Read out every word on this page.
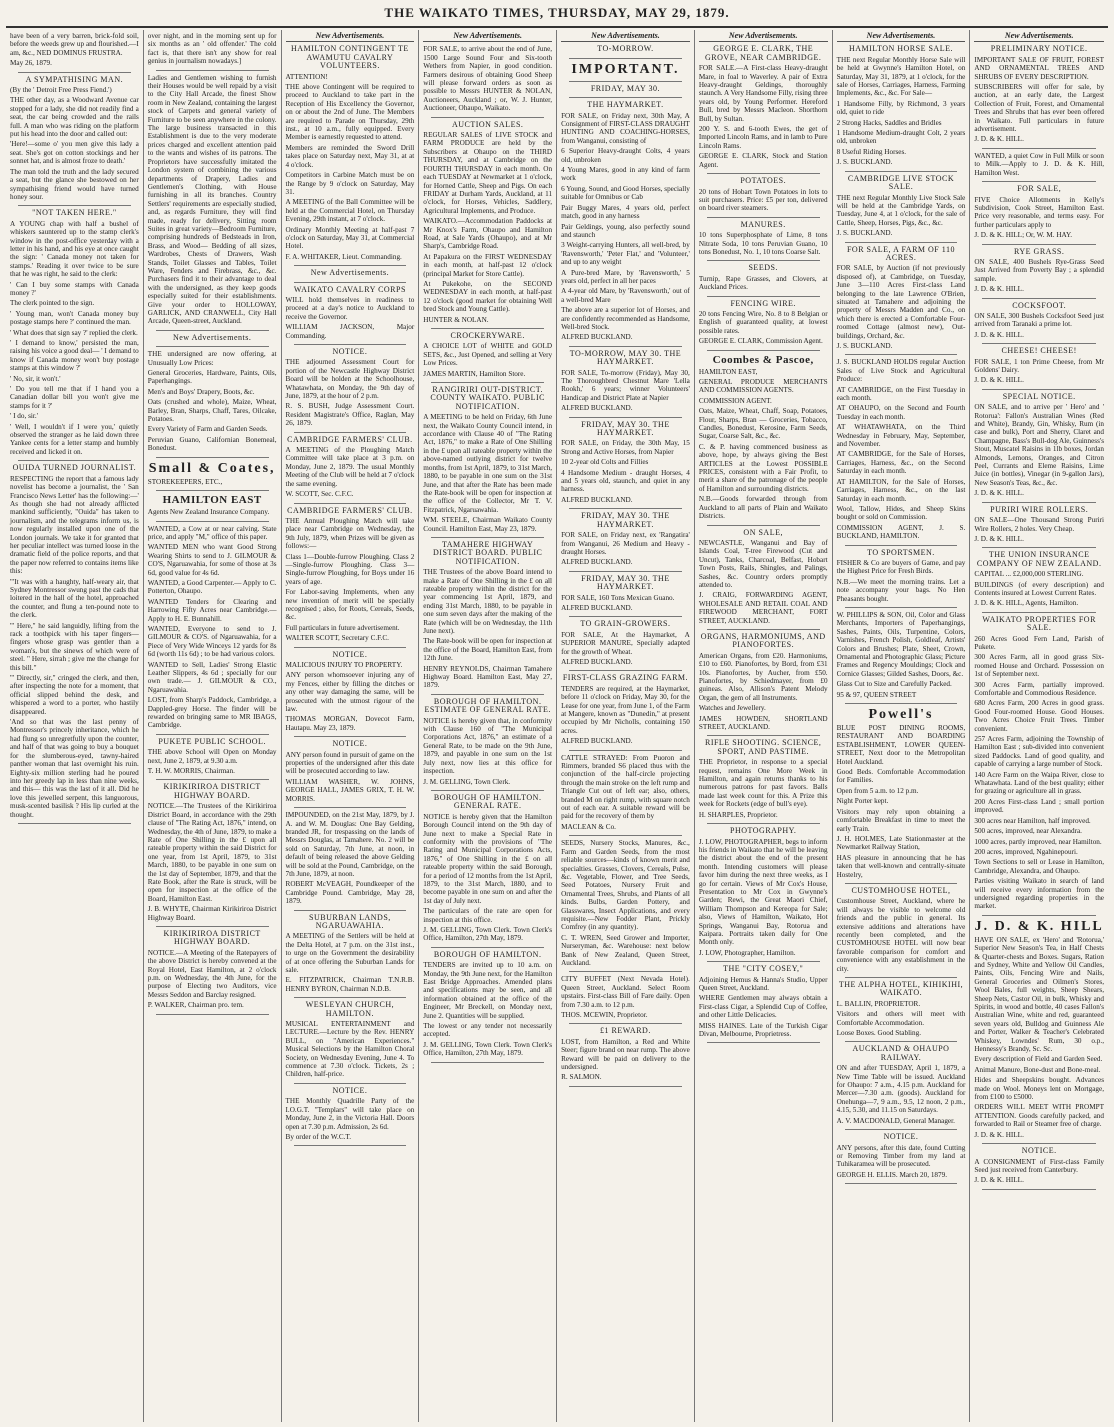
THE WAIKATO TIMES, THURSDAY, MAY 29, 1879.

have been of a very barren, brick-fold soil, before the weeds grew up and flourished.—I am, &c., NED DOMINUS FRUSTRA.

May 26, 1879.

A SYMPATHISING MAN.

(By the ' Detroit Free Press Fiend.')

THE other day, as a Woodward Avenue car stopped for a lady, she did not readily find a seat, the car being crowded and the rails full. A man who was riding on the platform put his head into the door and called out:

'Here!—some o' you men give this lady a seat. She's got on cotton stockings and her sonnet hat, and is almost froze to death.'

The man told the truth and the lady secured a seat, but the glance she bestowed on her sympathising friend would have turned honey sour.

"NOT TAKEN HERE."

A YOUNG chap with half a bushel of whiskers sauntered up to the stamp clerk's window in the post-office yesterday with a letter in his hand, and his eye at once caught the sign: ' Canada money not taken for stamps.' Reading it over twice to be sure that he was right, he said to the clerk:

' Can I buy some stamps with Canada money ?'

The clerk pointed to the sign.

' Young man, won't Canada money buy postage stamps here ?' continued the man.

' What does that sign say ?' replied the clerk.

' I demand to know,' persisted the man, raising his voice a good deal— ' I demand to know if Canada money won't buy postage stamps at this window ?'

' No, sir, it won't.'

' Do you tell me that if I hand you a Canadian dollar bill you won't give me stamps for it ?'

' I do, sir.'

' Well, I wouldn't if I were you,' quietly observed the stranger as he laid down three Yankee cents for a letter stamp and humbly received and licked it on.

OUIDA TURNED JOURNALIST.

RESPECTING the report that a famous lady novelist has become a journalist, the ' San Francisco News Letter' has the following:—' As though she had not already afflicted mankind sufficiently, "Ouida" has taken to journalism, and the telegrams inform us, is now regularly installed upon one of the London journals. We take it for granted that her peculiar intellect was turned loose in the dramatic field of the police reports, and that the paper now referred to contains items like this:

'"It was with a haughty, half-weary air, that Sydney Montressor swung past the cads that loitered in the hall of the hotel, approached the counter, and flung a ten-pound note to the clerk.

'" Here," he said languidly, lifting from the rack a toothpick with his taper fingers—fingers whose grasp was gentler than a woman's, but the sinews of which were of steel. " Here, sirrah ; give me the change for this bill."

'" Directly, sir," cringed the clerk, and then, after inspecting the note for a moment, that official slipped behind the desk, and whispered a word to a porter, who hastily disappeared.

'And so that was the last penny of Montressor's princely inheritance, which he had flung so unregretfully upon the counter, and half of that was going to buy a bouquet for the slumberous-eyed, tawny-haired panther woman that last overnight his ruin. Eighty-six million sterling had he poured into her greedy lap in less than nine weeks, and this— this was the last of it all. Did he love this jewelled serpent, this languorous, musk-scented basilisk ? His lip curled at the thought.

over night, and in the morning sent up for six months as an ' old offender.' The cold fact is, that there isn't any show for real genius in journalism nowadays.]

Ladies and Gentlemen wishing to furnish their Houses would be well repaid by a visit to the City Hall Arcade, the finest Show room in New Zealand, containing the largest stock of Carpets and general variety of Furniture to be seen anywhere in the colony. The large business transacted in this Establishment is due to the very moderate prices charged and excellent attention paid to the wants and wishes of its patrons. The Proprietors have successfully imitated the London system of combining the various departments of Drapery, Ladies and Gentlemen's Clothing, with House furnishing in all its branches. Country Settlers' requirements are especially studied, and, as regards Furniture, they will find made, ready for delivery, Sitting room Suites in great variety—Bedroom Furniture, comprising hundreds of Bedsteads in Iron, Brass, and Wood— Bedding of all sizes, Wardrobes, Chests of Drawers, Wash Stands, Toilet Glasses and Tables, Toilet Ware, Fenders and Firebrass, &c., &c. Purchasers find it to their advantage to deal with the undersigned, as they keep goods especially suited for their establishments. Give your order to HOLLOWAY, GARLICK, AND CRANWELL, City Hall Arcade, Queen-street, Auckland.

New Advertisements.

THE undersigned are now offering, at Unusually Low Prices:

General Groceries, Hardware, Paints, Oils, Paperhangings.

Men's and Boys' Drapery, Boots, &c.

Oats (crushed and whole), Maize, Wheat, Barley, Bran, Sharps, Chaff, Tares, Oilcake, Potatoes.

Every Variety of Farm and Garden Seeds.

Peruvian Guano, Californian Bonemeal, Bonedust.

Small & Coates,

STOREKEEPERS, ETC.,

HAMILTON EAST

Agents New Zealand Insurance Company.

WANTED, a Cow at or near calving. State price, and apply "M," office of this paper.

WANTED MEN who want Good Strong Wearing Shirts to send to J. GILMOUR & CO'S, Ngaruawahia, for some of those at 3s 6d, good value for 4s 6d.

WANTED, a Good Carpenter.— Apply to C. Potterton, Ohaupo.

WANTED Tenders for Clearing and Harrowing Fifty Acres near Cambridge.—Apply to H. E. Bunnahill.

WANTED, Everyone to send to J. GILMOUR & CO'S. of Ngaruawahia, for a Piece of Very Wide Winceys 12 yards for 8s 6d (worth 11s 6d) ; to be had various colors.

WANTED to Sell, Ladies' Strong Elastic Leather Slippers, 4s 6d ; specially for our own trade.— J. GILMOUR & CO., Ngaruawahia.

LOST, from Sharp's Paddock, Cambridge, a Dappled-grey Horse. The finder will be rewarded on bringing same to MR IBAGS, Cambridge.

PUKETE PUBLIC SCHOOL.

THE above School will Open on Monday next, June 2, 1879, at 9.30 a.m.

T. H. W. MORRIS, Chairman.

KIRIKIRIROA DISTRICT HIGHWAY BOARD.

NOTICE.—The Trustees of the Kirikiriroa District Board, in accordance with the 29th clause of "The Rating Act, 1876," intend, on Wednesday, the 4th of June, 1879, to make a Rate of One Shilling in the £ upon all rateable property within the said District for one year, from 1st April, 1879, to 31st March, 1880, to be payable in one sum on the 1st day of September, 1879, and that the Rate Book, after the Rate is struck, will be open for inspection at the office of the Board, Hamilton East.

J. B. WHYTE, Chairman Kirikiriroa District Highway Board.

KIRIKIRIROA DISTRICT HIGHWAY BOARD.

NOTICE.—A Meeting of the Ratepayers of the above District is hereby convened at the Royal Hotel, East Hamilton, at 2 o'clock p.m. on Wednesday, the 4th June, for the purpose of Electing two Auditors, vice Messrs Seddon and Barclay resigned.

P. WALKER, Chairman pro. tem.

New Advertisements.
HAMILTON CONTINGENT TE AWAMUTU CAVALRY VOLUNTEERS.

ATTENTION!

THE above Contingent will be required to proceed to Auckland to take part in the Reception of His Excellency the Governor, on or about the 2nd of June. The Members are required to Parade on Thursday, 29th inst., at 10 a.m., fully equipped. Every Member is earnestly requested to attend.

Members are reminded the Sword Drill takes place on Saturday next, May 31, at at 4 o'clock.

Competitors in Carbine Match must be on the Range by 9 o'clock on Saturday, May 31.

A MEETING of the Ball Committee will be held at the Commercial Hotel, on Thursday Evening, 29th instant, at 7 o'clock.

Ordinary Monthly Meeting at half-past 7 o'clock on Saturday, May 31, at Commercial Hotel.

F. A. WHITAKER, Lieut. Commanding.

New Advertisements.
WAIKATO CAVALRY CORPS

WILL hold themselves in readiness to proceed at a day's notice to Auckland to receive the Governor.

WILLIAM JACKSON, Major Commanding.

NOTICE.

THE adjourned Assessment Court for portion of the Newcastle Highway District Board will be holden at the Schoolhouse, Whatawhata, on Monday, the 9th day of June, 1879, at the hour of 2 p.m.

R. S. BUSH, Judge Assessment Court. Resident Magistrate's Office, Raglan, May 26, 1879.

CAMBRIDGE FARMERS' CLUB.

A MEETING of the Ploughing Match Committee will take place at 3 p.m. on Monday, June 2, 1879. The usual Monthly Meeting of the Club will be held at 7 o'clock the same evening.

W. SCOTT, Sec. C.F.C.

CAMBRIDGE FARMERS' CLUB.

THE Annual Ploughing Match will take place near Cambridge on Wednesday, the 9th July, 1879, when Prizes will be given as follows:—

Class 1—Double-furrow Ploughing. Class 2—Single-furrow Ploughing. Class 3—Single-furrow Ploughing, for Boys under 16 years of age.

For Labor-saving Implements, when any new invention of merit will be specially recognised ; also, for Roots, Cereals, Seeds, &c.

Full particulars in future advertisement.

WALTER SCOTT, Secretary C.F.C.

NOTICE.

MALICIOUS INJURY TO PROPERTY.

ANY person whomsoever injuring any of my Fences, either by filling the ditches or any other way damaging the same, will be prosecuted with the utmost rigour of the law.

THOMAS MORGAN, Dovecot Farm, Hautapu. May 23, 1879.

NOTICE.

ANY person found in pursuit of game on the properties of the undersigned after this date will be prosecuted according to law.

WILLIAM WASHER, W. JOHNS, GEORGE HALL, JAMES GRIX, T. H. W. MORRIS.

IMPOUNDED, on the 21st May, 1879, by J. A. and W. M. Douglas: One Bay Gelding, branded JR, for trespassing on the lands of Messrs Douglas, at Tamahere. No. 2 will be sold on Saturday, 7th June, at noon, in default of being released the above Gelding will be sold at the Pound, Cambridge, on the 7th June, 1879, at noon.

ROBERT McVEAGH, Poundkeeper of the Cambridge Pound. Cambridge, May 28, 1879.

SUBURBAN LANDS, NGARUAWAHIA.

A MEETING of the Settlers will be held at the Delta Hotel, at 7 p.m. on the 31st inst., to urge on the Government the desirability of at once offering the Suburban Lands for sale.

E. FITZPATRICK, Chairman T.N.R.B. HENRY BYRON, Chairman N.D.B.

WESLEYAN CHURCH, HAMILTON.

MUSICAL ENTERTAINMENT and LECTURE.—Lecture by the Rev. HENRY BULL, on "American Experiences." Musical Selections by the Hamilton Choral Society, on Wednesday Evening, June 4. To commence at 7.30 o'clock. Tickets, 2s ; Children, half-price.

NOTICE.

THE Monthly Quadrille Party of the I.O.G.T. "Templars" will take place on Monday, June 2, in the Victoria Hall. Doors open at 7.30 p.m. Admission, 2s 6d.

By order of the W.C.T.

New Advertisements.

FOR SALE, to arrive about the end of June, 1500 Large Sound Four and Six-tooth Wethers from Napier, in good condition. Farmers desirous of obtaining Good Sheep will please forward orders as soon as possible to Messrs HUNTER & NOLAN, Auctioneers, Auckland ; or, W. J. Hunter, Auctioneer, Ohaupo, Waikato.

AUCTION SALES.

REGULAR SALES of LIVE STOCK and FARM PRODUCE are held by the Subscribers at Ohaupo on the THIRD THURSDAY, and at Cambridge on the FOURTH THURSDAY in each month. On each TUESDAY at Newmarket at 1 o'clock, for Horned Cattle, Sheep and Pigs. On each FRIDAY at Durham Yards, Auckland, at 11 o'clock, for Horses, Vehicles, Saddlery, Agricultural Implements, and Produce.

WAIKATO.—Accommodation Paddocks at Mr Knox's Farm, Ohaupo and Hamilton Road, at Sale Yards (Ohaupo), and at Mr Sharp's, Cambridge Road.

At Papakura on the FIRST WEDNESDAY in each month, at half-past 12 o'clock (principal Market for Store Cattle).

At Pukekohe, on the SECOND WEDNESDAY in each month, at half-past 12 o'clock (good market for obtaining Well bred Stock and Young Cattle).

HUNTER & NOLAN.

CROCKERYWARE.

A CHOICE LOT of WHITE and GOLD SETS, &c., Just Opened, and selling at Very Low Prices.

JAMES MARTIN, Hamilton Store.

RANGIRIRI OUT-DISTRICT. COUNTY WAIKATO. PUBLIC NOTIFICATION.

A MEETING to be held on Friday, 6th June next, the Waikato County Council intend, in accordance with Clause 40 of "The Rating Act, 1876," to make a Rate of One Shilling in the £ upon all rateable property within the above-named outlying district for twelve months, from 1st April, 1879, to 31st March, 1880, to be payable in one sum on the 31st June, and that after the Rate has been made the Rate-book will be open for inspection at the office of the Collector, Mr T. V. Fitzpatrick, Ngaruawahia.

WM. STEELE, Chairman Waikato County Council. Hamilton East, May 23, 1879.

TAMAHERE HIGHWAY DISTRICT BOARD. PUBLIC NOTIFICATION.

THE Trustees of the above Board intend to make a Rate of One Shilling in the £ on all rateable property within the district for the year commencing 1st April, 1879, and ending 31st March, 1880, to be payable in one sum seven days after the making of the Rate (which will be on Wednesday, the 11th June next).

The Rate-book will be open for inspection at the office of the Board, Hamilton East, from 12th June.

HENRY REYNOLDS, Chairman Tamahere Highway Board. Hamilton East, May 27, 1879.

BOROUGH OF HAMILTON. ESTIMATE OF GENERAL RATE.

NOTICE is hereby given that, in conformity with Clause 160 of "The Municipal Corporations Act, 1876," an estimate of a General Rate, to be made on the 9th June, 1879, and payable in one sum on the 1st July next, now lies at this office for inspection.

J. M. GELLING, Town Clerk.

BOROUGH OF HAMILTON. GENERAL RATE.

NOTICE is hereby given that the Hamilton Borough Council intend on the 9th day of June next to make a Special Rate in conformity with the provisions of "The Rating and Municipal Corporations Acts, 1876," of One Shilling in the £ on all rateable property within the said Borough, for a period of 12 months from the 1st April, 1879, to the 31st March, 1880, and to become payable in one sum on and after the 1st day of July next.

The particulars of the rate are open for inspection at this office.

J. M. GELLING, Town Clerk. Town Clerk's Office, Hamilton, 27th May, 1879.

BOROUGH OF HAMILTON.

TENDERS are invited up to 10 a.m. on Monday, the 9th June next, for the Hamilton East Bridge Approaches. Amended plans and specifications may be seen, and all information obtained at the office of the Engineer, Mr Breckell, on Monday next, June 2. Quantities will be supplied.

The lowest or any tender not necessarily accepted.

J. M. GELLING, Town Clerk. Town Clerk's Office, Hamilton, 27th May, 1879.

New Advertisements.
TO-MORROW.
IMPORTANT.
FRIDAY, MAY 30.
THE HAYMARKET.

FOR SALE, on Friday next, 30th May, A Consignment of FIRST-CLASS DRAUGHT HUNTING AND COACHING-HORSES, from Wanganui, consisting of

6 Superior Heavy-draught Colts, 4 years old, unbroken

4 Young Mares, good in any kind of farm work

6 Young, Sound, and Good Horses, specially suitable for Omnibus or Cab

Pair Buggy Mares, 4 years old, perfect match, good in any harness

Pair Geldings, young, also perfectly sound and staunch

3 Weight-carrying Hunters, all well-bred, by 'Ravensworth,' 'Peter Flat,' and 'Volunteer,' and up to any weight

A Pure-bred Mare, by 'Ravensworth,' 5 years old, perfect in all her paces

A 4-year old Mare, by 'Ravensworth,' out of a well-bred Mare

The above are a superior lot of Horses, and are confidently recommended as Handsome, Well-bred Stock.

ALFRED BUCKLAND.

TO-MORROW, MAY 30. THE HAYMARKET.

FOR SALE, To-morrow (Friday), May 30, The Thoroughbred Chestnut Mare 'Lella Rookh,' 6 years; winner Volunteers' Handicap and District Plate at Napier

ALFRED BUCKLAND.

FRIDAY, MAY 30. THE HAYMARKET.

FOR SALE, on Friday, the 30th May, 15 Strong and Active Horses, from Napier

10 2-year old Colts and Fillies

4 Handsome Medium - draught Horses, 4 and 5 years old, staunch, and quiet in any harness.

ALFRED BUCKLAND.

FRIDAY, MAY 30. THE HAYMARKET.

FOR SALE, on Friday next, ex 'Rangatira' from Wanganui, 26 Medium and Heavy - draught Horses.

ALFRED BUCKLAND.

FRIDAY, MAY 30. THE HAYMARKET.

FOR SALE, 160 Tons Mexican Guano.

ALFRED BUCKLAND.

TO GRAIN-GROWERS.

FOR SALE, At the Haymarket, A SUPERIOR MANURE, Specially adapted for the growth of Wheat.

ALFRED BUCKLAND.

FIRST-CLASS GRAZING FARM.

TENDERS are required, at the Haymarket, before 11 o'clock on Friday, May 30, for the Lease for one year, from June 1, of the Farm at Mangere, known as "Dunedin," at present occupied by Mr Nicholls, containing 150 acres.

ALFRED BUCKLAND.

CATTLE STRAYED: From Puoron and Rimmers, branded S6 placed thus with the conjunction of the half-circle projecting through the main stroke on the left rump and Triangle Cut out of left ear; also, others, branded M on right rump, with square notch out of each ear. A suitable reward will be paid for the recovery of them by

MACLEAN & Co.

SEEDS, Nursery Stocks, Manures, &c., Farm and Garden Seeds, from the most reliable sources—kinds of known merit and specialties. Grasses, Clovers, Cereals, Pulse, &c. Vegetable, Flower, and Tree Seeds, Seed Potatoes, Nursery Fruit and Ornamental Trees, Shrubs, and Plants of all kinds. Bulbs, Garden Pottery, and Glasswares, Insect Applications, and every requisite.—New Fodder Plant, Prickly Comfrey (in any quantity).

C. T. WREN, Seed Grower and Importer, Nurseryman, &c. Warehouse: next below Bank of New Zealand, Queen Street, Auckland.

CITY BUFFET (Next Nevada Hotel). Queen Street, Auckland. Select Room upstairs. First-class Bill of Fare daily. Open from 7.30 a.m. to 12 p.m.

THOS. MCEWIN, Proprietor.

£1 REWARD.

LOST, from Hamilton, a Red and White Steer; figure brand on near rump. The above Reward will be paid on delivery to the undersigned.

R. SALMON.

New Advertisements.
GEORGE E. CLARK, THE GROVE, NEAR CAMBRIDGE.

FOR SALE.—A First-class Heavy-draught Mare, in foal to Waverley. A pair of Extra Heavy-draught Geldings, thoroughly staunch. A Very Handsome Filly, rising three years old, by Young Performer. Hereford Bull, bred by Messrs Macleon. Shorthorn Bull, by Sultan.

200 Y. S. and 6-tooth Ewes, the get of Imported Lincoln Rams, and in lamb to Pure Lincoln Rams.

GEORGE E. CLARK, Stock and Station Agent.

POTATOES.

20 tons of Hobart Town Potatoes in lots to suit purchasers. Price: £5 per ton, delivered on board river steamers.

MANURES.

10 tons Superphosphate of Lime, 8 tons Nitrate Soda, 10 tons Peruvian Guano, 10 tons Bonedust, No. 1, 10 tons Coarse Salt.

SEEDS.

Turnip, Rape Grasses, and Clovers, at Auckland Prices.

FENCING WIRE.

20 tons Fencing Wire, No. 8 to 8 Belgian or English of guaranteed quality, at lowest possible rates.

GEORGE E. CLARK, Commission Agent.

Coombes & Pascoe,

HAMILTON EAST,

GENERAL PRODUCE MERCHANTS AND COMMISSION AGENTS.

COMMISSION AGENT.

Oats, Maize, Wheat, Chaff, Soap, Potatoes, Flour, Sharps, Bran — Groceries, Tobacco, Candles, Bonedust, Kerosine, Farm Seeds, Sugar, Coarse Salt, &c., &c.

C. & P. having commenced business as above, hope, by always giving the Best ARTICLES at the Lowest POSSIBLE PRICES, consistent with a Fair Profit, to merit a share of the patronage of the people of Hamilton and surrounding districts.

N.B.—Goods forwarded through from Auckland to all parts of Plain and Waikato Districts.

ON SALE,

NEWCASTLE, Wanganui and Bay of Islands Coal, T-tree Firewood (Cut and Uncut), Tanks, Charcoal, Belfast, Hobart Town Posts, Rails, Shingles, and Palings, Sashes, &c. Country orders promptly attended to.

J. CRAIG, FORWARDING AGENT, WHOLESALE AND RETAIL COAL AND FIREWOOD MERCHANT, FORT STREET, AUCKLAND.

ORGANS, HARMONIUMS, AND PIANOFORTES.

American Organs, from £20. Harmoniums, £10 to £60. Pianofortes, by Bord, from £31 10s. Pianofortes, by Aucher, from £50. Pianofortes, by Schiedmayer, from £0 guineas. Also, Allison's Patent Melody Organ, the gem of all Instruments.

Watches and Jewellery.

JAMES HOWDEN, SHORTLAND STREET, AUCKLAND.

RIFLE SHOOTING. SCIENCE, SPORT, AND PASTIME.

THE Proprietor, in response to a special request, remains One More Week in Hamilton, and again returns thanks to his numerous patrons for past favors. Balls made last week count for this. A Prize this week for Rockets (edge of bull's eye).

H. SHARPLES, Proprietor.

PHOTOGRAPHY.

J. LOW, PHOTOGRAPHER, begs to inform his friends in Waikato that he will be leaving the district about the end of the present month. Intending customers will please favor him during the next three weeks, as I go for certain. Views of Mr Cox's House, Presentation to Mr Cox in Gwynne's Garden; Rewi, the Great Maori Chief, William Thompson and Kereopa for Sale; also, Views of Hamilton, Waikato, Hot Springs, Wanganui Bay, Rotorua and Kaipara. Portraits taken daily for One Month only.

J. LOW, Photographer, Hamilton.

THE "CITY COSEY,"

Adjoining Hemus & Hanna's Studio, Upper Queen Street, Auckland.

WHERE Gentlemen may always obtain a First-class Cigar, a Splendid Cup of Coffee, and other Little Delicacies.

MISS HAINES. Late of the Turkish Cigar Divan, Melbourne, Proprietress.

New Advertisements.
HAMILTON HORSE SALE.

THE next Regular Monthly Horse Sale will be held at Gwynne's Hamilton Hotel, on Saturday, May 31, 1879, at 1 o'clock, for the sale of Horses, Carriages, Harness, Farming Implements, &c., &c. For Sale—

1 Handsome Filly, by Richmond, 3 years old, quiet to ride

2 Strong Hacks, Saddles and Bridles

1 Handsome Medium-draught Colt, 2 years old, unbroken

8 Useful Riding Horses.

J. S. BUCKLAND.

CAMBRIDGE LIVE STOCK SALE.

THE next Regular Monthly Live Stock Sale will be held at the Cambridge Yards, on Tuesday, June 4, at 1 o'clock, for the sale of Cattle, Sheep, Horses, Pigs, &c., &c.

J. S. BUCKLAND.

FOR SALE, A FARM OF 110 ACRES.

FOR SALE, by Auction (if not previously disposed of), at Cambridge, on Tuesday, June 3—110 Acres First-class Land belonging to the late Lawrence O'Brien, situated at Tamahere and adjoining the property of Messrs Madden and Co., on which there is erected a Comfortable Four-roomed Cottage (almost new), Out-buildings, Orchard, &c.

J. S. BUCKLAND.

J. S. BUCKLAND HOLDS regular Auction Sales of Live Stock and Agricultural Produce:

AT CAMBRIDGE, on the First Tuesday in each month.

AT OHAUPO, on the Second and Fourth Tuesday in each month.

AT WHATAWHATA, on the Third Wednesday in February, May, September, and November.

AT CAMBRIDGE, for the Sale of Horses, Carriages, Harness, &c., on the Second Saturday in each month.

AT HAMILTON, for the Sale of Horses, Carriages, Harness, &c., on the last Saturday in each month.

Wool, Tallow, Hides, and Sheep Skins bought or sold on Commission.

COMMISSION AGENT, J. S. BUCKLAND, HAMILTON.

TO SPORTSMEN.

FISHER & Co are buyers of Game, and pay the Highest Price for Fresh Birds.

N.B.—We meet the morning trains. Let a note accompany your bags. No Hen Pheasants bought.

W. PHILLIPS & SON, Oil, Color and Glass Merchants, Importers of Paperhangings, Sashes, Paints, Oils, Turpentine, Colors, Varnishes, French Polish, Goldleaf, Artists' Colors and Brushes; Plate, Sheet, Crown, Ornamental and Photographic Glass; Picture Frames and Regency Mouldings; Clock and Cornice Glasses; Gilded Sashes, Doors, &c.

Glass Cut to Size and Carefully Packed.

95 & 97, QUEEN STREET

Powell's

BLUE POST DINING ROOMS, RESTAURANT AND BOARDING ESTABLISHMENT, LOWER QUEEN-STREET, Next door to the Metropolitan Hotel Auckland.

Good Beds. Comfortable Accommodation for Families.

Open from 5 a.m. to 12 p.m.

Night Porter kept.

Visitors may rely upon obtaining a comfortable Breakfast in time to meet the early Train.

J. H. HOLMES, Late Stationmaster at the Newmarket Railway Station,

HAS pleasure in announcing that he has taken that well-known and centrally-situate Hostelry,

CUSTOMHOUSE HOTEL,

Customhouse Street, Auckland, where he will always be visible to welcome old friends and the public in general. Its extensive additions and alterations have recently been completed, and the CUSTOMHOUSE HOTEL will now bear favorable comparison for comfort and convenience with any establishment in the city.

THE ALPHA HOTEL, KIHIKIHI, WAIKATO.

L. BALLIN, PROPRIETOR.

Visitors and others will meet with Comfortable Accommodation.

Loose Boxes. Good Stabling.

AUCKLAND & OHAUPO RAILWAY.

ON and after TUESDAY, April 1, 1879, a New Time Table will be issued. Auckland for Ohaupo: 7 a.m., 4.15 p.m. Auckland for Mercer—7.30 a.m. (goods). Auckland for Onehunga—7, 9 a.m., 9.5, 12 noon, 2 p.m., 4.15, 5.30, and 11.15 on Saturdays.

A. V. MACDONALD, General Manager.

NOTICE.

ANY persons, after this date, found Cutting or Removing Timber from my land at Tuhikaramea will be prosecuted.

GEORGE H. ELLIS. March 20, 1879.

New Advertisements.
PRELIMINARY NOTICE.

IMPORTANT SALE OF FRUIT, FOREST AND ORNAMENTAL TREES AND SHRUBS OF EVERY DESCRIPTION.

SUBSCRIBERS will offer for sale, by auction, at an early date, the Largest Collection of Fruit, Forest, and Ornamental Trees and Shrubs that has ever been offered in Waikato. Full particulars in future advertisement.

J. D. & K. HILL.

WANTED, a quiet Cow in Full Milk or soon to Milk.—Apply to J. D. & K. Hill, Hamilton West.

FOR SALE,

FIVE Choice Allotments in Kelly's Subdivision, Cook Street, Hamilton East. Price very reasonable, and terms easy. For further particulars apply to

J. D. & K. HILL; Or, W. M. HAY.

RYE GRASS.

ON SALE, 400 Bushels Rye-Grass Seed Just Arrived from Poverty Bay ; a splendid sample.

J. D. & K. HILL.

COCKSFOOT.

ON SALE, 300 Bushels Cocksfoot Seed just arrived from Taranaki a prime lot.

J. D. & K. HILL.

CHEESE! CHEESE!

FOR SALE, 1 ton Prime Cheese, from Mr Goldens' Dairy.

J. D. & K. HILL.

SPECIAL NOTICE.

ON SALE, and to arrive per ' Hero' and ' Rotorua': Fallon's Australian Wines (Red and White), Brandy, Gin, Whisky, Rum (in case and bulk), Port and Sherry, Claret and Champagne, Bass's Bull-dog Ale, Guinness's Stout, Muscatel Raisins in 1lb boxes, Jordan Almonds, Lemons, Oranges, and Citron Peel, Currants and Eleme Raisins, Lime Juice (in bottles), Vinegar (in 9-gallon Jars), New Season's Teas, &c., &c.

J. D. & K. HILL.

PURIRI WIRE ROLLERS.

ON SALE—One Thousand Strong Puriri Wire Rollers, 2 holes. Very Cheap.

J. D. & K. HILL.

THE UNION INSURANCE COMPANY OF NEW ZEALAND.

CAPITAL ... £2,000,000 STERLING.

BUILDINGS (of every description) and Contents insured at Lowest Current Rates.

J. D. & K. HILL, Agents, Hamilton.

WAIKATO PROPERTIES FOR SALE.

260 Acres Good Fern Land, Parish of Pukete.

300 Acres Farm, all in good grass Six-roomed House and Orchard. Possession on 1st of September next.

300 Acres Farm, partially improved. Comfortable and Commodious Residence.

680 Acres Farm, 200 Acres in good grass. Good Four-roomed House. Good Houses. Two Acres Choice Fruit Trees. Timber convenient.

257 Acres Farm, adjoining the Township of Hamilton East ; sub-divided into convenient sized Paddocks. Land of good quality, and capable of carrying a large number of Stock.

140 Acre Farm on the Waipa River, close to Whatawhata. Land of the best quality; either for grazing or agriculture all in grass.

200 Acres First-class Land ; small portion improved.

300 acres near Hamilton, half improved.

500 acres, improved, near Alexandra.

1000 acres, partly improved, near Hamilton.

200 acres, improved, Ngahinepouri.

Town Sections to sell or Lease in Hamilton, Cambridge, Alexandra, and Ohaupo.

Parties visiting Waikato in search of land will receive every information from the undersigned regarding properties in the market.

J. D. & K. HILL

HAVE ON SALE, ex 'Hero' and 'Rotorua,' Superior New Season's Tea, in Half Chests & Quarter-chests and Boxes. Sugars, Ration and Sydney, White and Yellow Oil Candles, Paints, Oils, Fencing Wire and Nails, General Groceries and Oilmen's Stores, Wool Bales, full weights, Sheep Shears, Sheep Nets, Castor Oil, in bulk, Whisky and Spirits, in wood and bottle, 40 cases Fallon's Australian Wine, white and red, guaranteed seven years old, Bulldog and Guinness Ale and Porter, Walker & Teacher's Celebrated Whiskey, Lowndes' Rum, 30 o.p., Hennessy's Brandy, Sc. Sc.

Every description of Field and Garden Seed.

Animal Manure, Bone-dust and Bone-meal.

Hides and Sheepskins bought. Advances made on Wool. Moneys lent on Mortgage, from £100 to £5000.

ORDERS WILL MEET WITH PROMPT ATTENTION. Goods carefully packed, and forwarded to Rail or Steamer free of charge.

J. D. & K. HILL.

NOTICE.

A CONSIGNMENT of First-class Family Seed just received from Canterbury.

J. D. & K. HILL.
